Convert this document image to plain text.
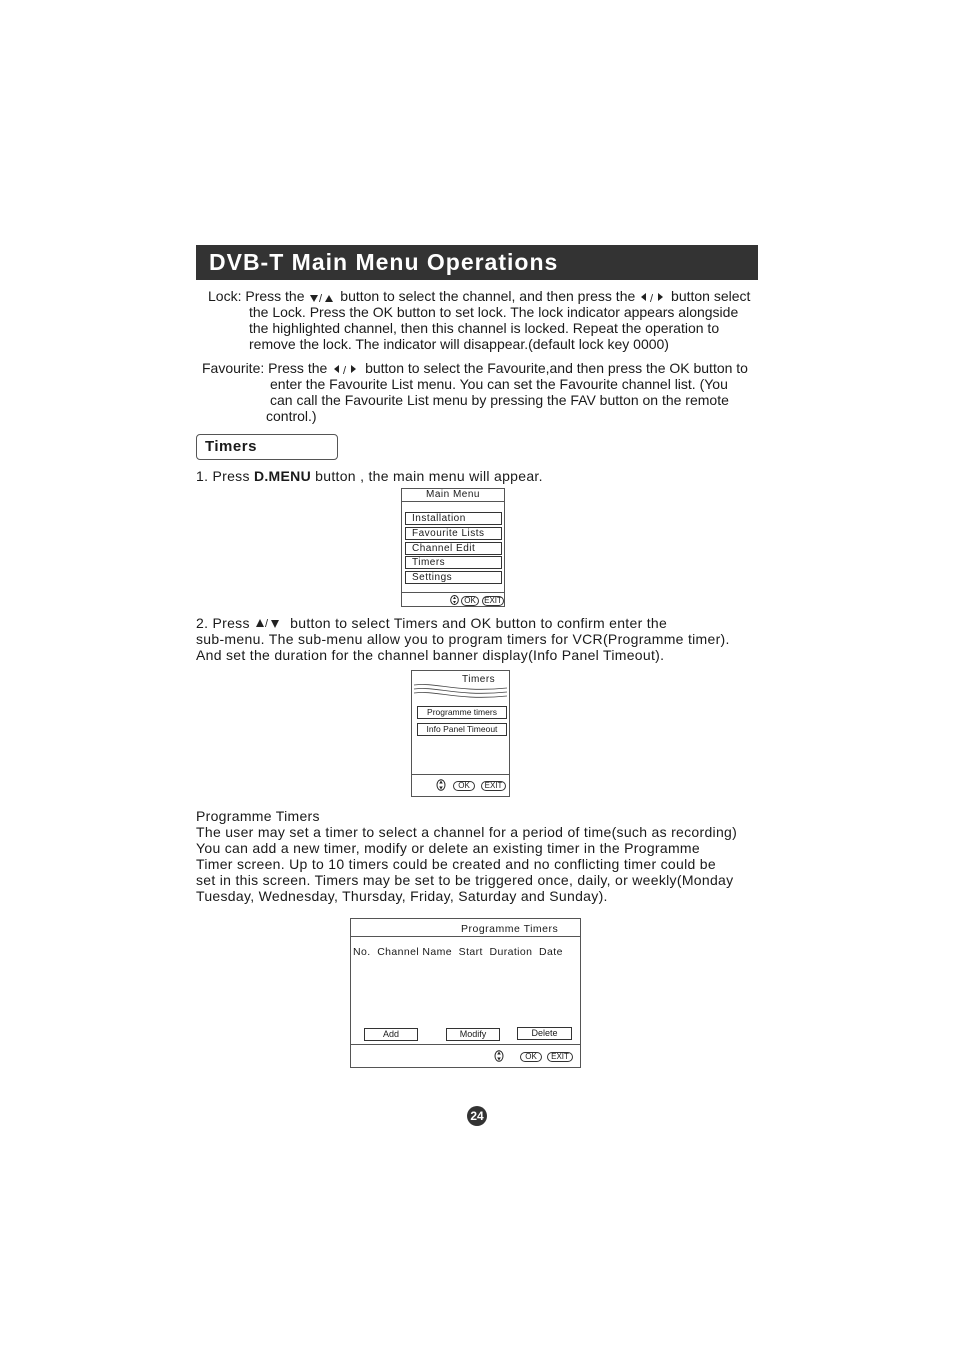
DVB-T Main Menu Operations
Lock: Press the / button to select the channel, and then press the / button select
the Lock. Press the OK button to set lock. The lock indicator appears alongside
the highlighted channel, then this channel is locked. Repeat the operation to
remove the lock. The indicator will disappear.(default lock key 0000)
Favourite: Press the / button to select the Favourite,and then press the OK button to
enter the Favourite List menu. You can set the Favourite channel list. (You
can call the Favourite List menu by pressing the FAV button on the remote
control.)
Timers
1. Press D.MENU button , the main menu will appear.
Main Menu
Installation
Favourite Lists
Channel Edit
Timers
Settings
OK	EXIT
2. Press / button to select Timers and OK button to confirm enter the
sub-menu. The sub-menu allow you to program timers for VCR(Programme timer).
And set the duration for the channel banner display(Info Panel Timeout).
Timers
Programme timers
Info Panel Timeout
OK	EXIT
Programme Timers
The user may set a timer to select a channel for a period of time(such as recording)
You can add a new timer, modify or delete an existing timer in the Programme
Timer screen. Up to 10 timers could be created and no conflicting timer could be
set in this screen. Timers may be set to be triggered once, daily, or weekly(Monday
Tuesday, Wednesday, Thursday, Friday, Saturday and Sunday).
Programme Timers
No. Channel Name Start Duration Date
Add	Modify	Delete
OK	EXIT
24
